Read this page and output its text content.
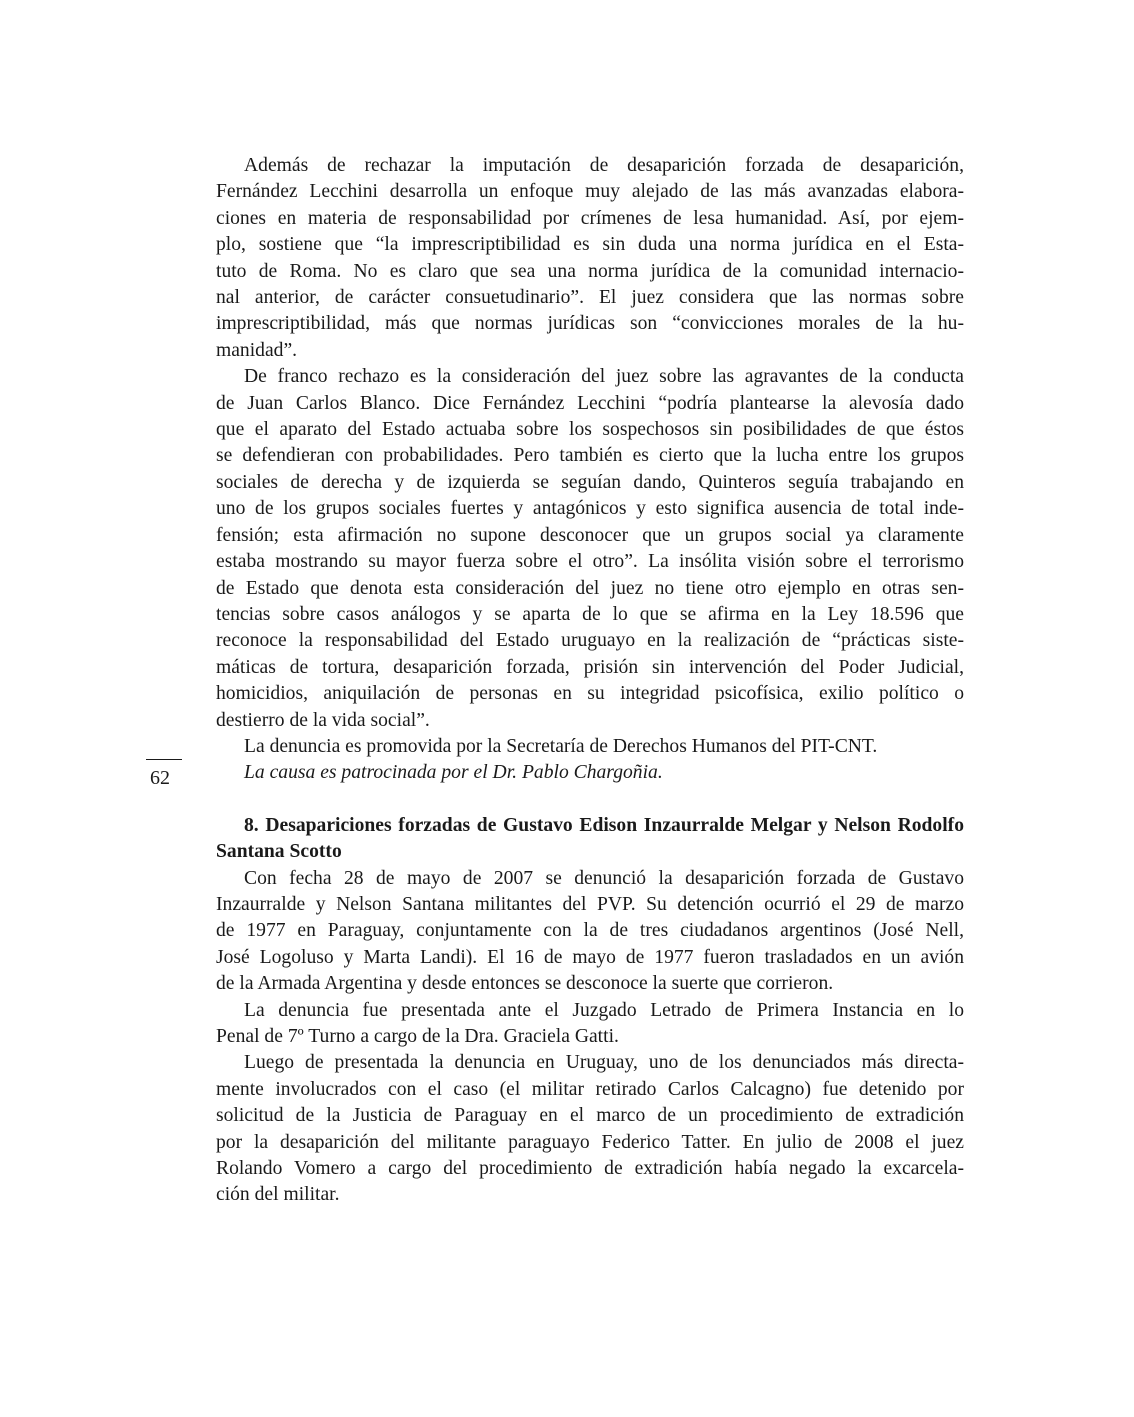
Además de rechazar la imputación de desaparición forzada de desaparición,
Fernández Lecchini desarrolla un enfoque muy alejado de las más avanzadas elabora-
ciones en materia de responsabilidad por crímenes de lesa humanidad. Así, por ejem-
plo, sostiene que “la imprescriptibilidad es sin duda una norma jurídica en el Esta-
tuto de Roma. No es claro que sea una norma jurídica de la comunidad internacio-
nal anterior, de carácter consuetudinario”. El juez considera que las normas sobre
imprescriptibilidad, más que normas jurídicas son “convicciones morales de la hu-
manidad”.
De franco rechazo es la consideración del juez sobre las agravantes de la conducta
de Juan Carlos Blanco. Dice Fernández Lecchini “podría plantearse la alevosía dado
que el aparato del Estado actuaba sobre los sospechosos sin posibilidades de que éstos
se defendieran con probabilidades. Pero también es cierto que la lucha entre los grupos
sociales de derecha y de izquierda se seguían dando, Quinteros seguía trabajando en
uno de los grupos sociales fuertes y antagónicos y esto significa ausencia de total inde-
fensión; esta afirmación no supone desconocer que un grupos social ya claramente
estaba mostrando su mayor fuerza sobre el otro”. La insólita visión sobre el terrorismo
de Estado que denota esta consideración del juez no tiene otro ejemplo en otras sen-
tencias sobre casos análogos y se aparta de lo que se afirma en la Ley 18.596 que
reconoce la responsabilidad del Estado uruguayo en la realización de “prácticas siste-
máticas de tortura, desaparición forzada, prisión sin intervención del Poder Judicial,
homicidios, aniquilación de personas en su integridad psicofísica, exilio político o
destierro de la vida social”.
La denuncia es promovida por la Secretaría de Derechos Humanos del PIT-CNT.
La causa es patrocinada por el Dr. Pablo Chargoñia.
8. Desapariciones forzadas de Gustavo Edison Inzaurralde Melgar y Nelson Rodolfo
Santana Scotto
Con fecha 28 de mayo de 2007 se denunció la desaparición forzada de Gustavo
Inzaurralde y Nelson Santana militantes del PVP. Su detención ocurrió el 29 de marzo
de 1977 en Paraguay, conjuntamente con la de tres ciudadanos argentinos (José Nell,
José Logoluso y Marta Landi). El 16 de mayo de 1977 fueron trasladados en un avión
de la Armada Argentina y desde entonces se desconoce la suerte que corrieron.
La denuncia fue presentada ante el Juzgado Letrado de Primera Instancia en lo
Penal de 7º Turno a cargo de la Dra. Graciela Gatti.
Luego de presentada la denuncia en Uruguay, uno de los denunciados más directa-
mente involucrados con el caso (el militar retirado Carlos Calcagno) fue detenido por
solicitud de la Justicia de Paraguay en el marco de un procedimiento de extradición
por la desaparición del militante paraguayo Federico Tatter. En julio de 2008 el juez
Rolando Vomero a cargo del procedimiento de extradición había negado la excarcela-
ción del militar.
62
